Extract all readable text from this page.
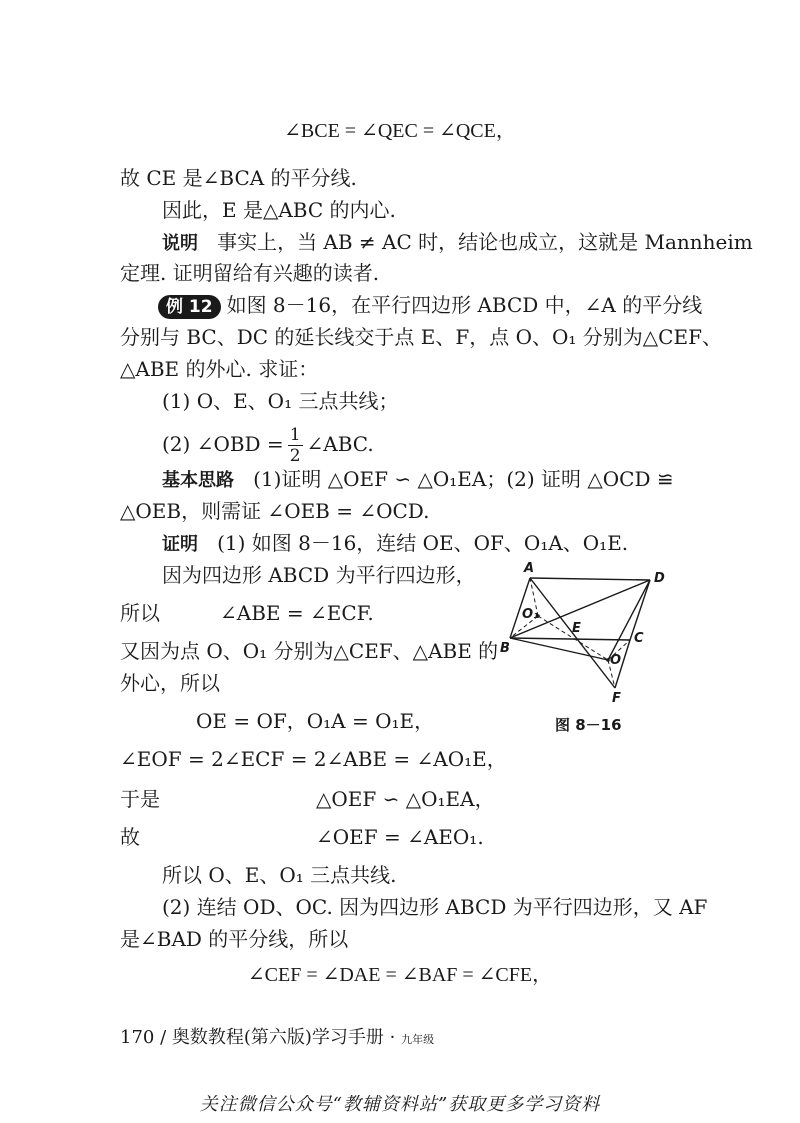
∠BCE = ∠QEC = ∠QCE，
故 CE 是∠BCA 的平分线.
因此，E 是△ABC 的内心.
说明 事实上，当 AB ≠ AC 时，结论也成立，这就是 Mannheim
定理. 证明留给有兴趣的读者.
例 12 如图 8－16，在平行四边形 ABCD 中，∠A 的平分线
分别与 BC、DC 的延长线交于点 E、F，点 O、O₁ 分别为△CEF、
△ABE 的外心. 求证：
(1) O、E、O₁ 三点共线；
(2) ∠OBD = $\frac{1}{2}$ ∠ABC.
基本思路 (1)证明 △OEF ∽ △O₁EA；(2) 证明 △OCD ≌
△OEB，则需证 ∠OEB = ∠OCD.
证明 (1) 如图 8－16，连结 OE、OF、O₁A、O₁E.
因为四边形 ABCD 为平行四边形，
所以	∠ABE = ∠ECF.
又因为点 O、O₁ 分别为△CEF、△ABE 的
外心，所以
OE = OF，O₁A = O₁E，
∠EOF = 2∠ECF = 2∠ABE = ∠AO₁E，
于是	△OEF ∽ △O₁EA，
故	∠OEF = ∠AEO₁.
所以 O、E、O₁ 三点共线.
(2) 连结 OD、OC. 因为四边形 ABCD 为平行四边形，又 AF
是∠BAD 的平分线，所以
∠CEF = ∠DAE = ∠BAF = ∠CFE，
A
D
B
C
E
F
O
O₁
图 8－16
170 / 奥数教程(第六版)学习手册 · 九年级
关注微信公众号“教辅资料站”获取更多学习资料
